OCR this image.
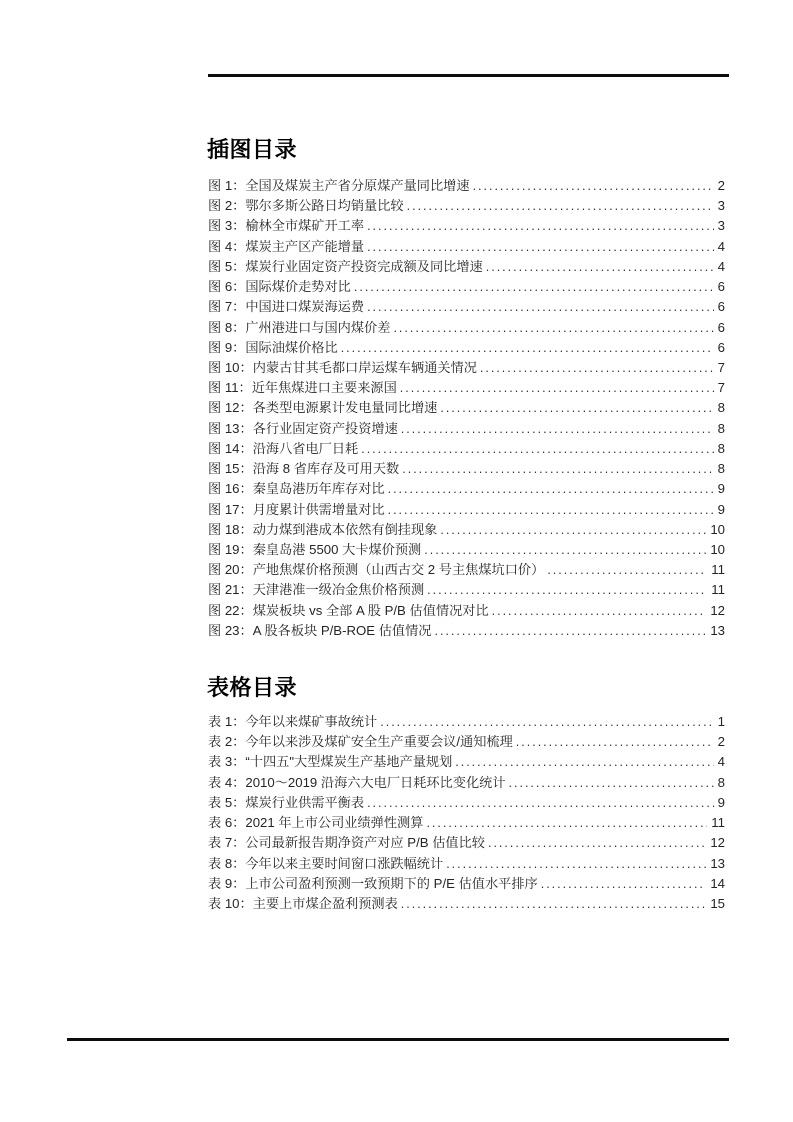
插图目录
图 1：全国及煤炭主产省分原煤产量同比增速 .....	2
图 2：鄂尔多斯公路日均销量比较 .....	3
图 3：榆林全市煤矿开工率 .....	3
图 4：煤炭主产区产能增量 .....	4
图 5：煤炭行业固定资产投资完成额及同比增速 .....	4
图 6：国际煤价走势对比 .....	6
图 7：中国进口煤炭海运费 .....	6
图 8：广州港进口与国内煤价差 .....	6
图 9：国际油煤价格比 .....	6
图 10：内蒙古甘其毛都口岸运煤车辆通关情况 .....	7
图 11：近年焦煤进口主要来源国 .....	7
图 12：各类型电源累计发电量同比增速 .....	8
图 13：各行业固定资产投资增速 .....	8
图 14：沿海八省电厂日耗 .....	8
图 15：沿海 8 省库存及可用天数 .....	8
图 16：秦皇岛港历年库存对比 .....	9
图 17：月度累计供需增量对比 .....	9
图 18：动力煤到港成本依然有倒挂现象 .....	10
图 19：秦皇岛港 5500 大卡煤价预测 .....	10
图 20：产地焦煤价格预测（山西古交 2 号主焦煤坑口价） .....	11
图 21：天津港准一级冶金焦价格预测 .....	11
图 22：煤炭板块 vs 全部 A 股 P/B 估值情况对比 .....	12
图 23：A 股各板块 P/B-ROE 估值情况 .....	13
表格目录
表 1：今年以来煤矿事故统计 .....	1
表 2：今年以来涉及煤矿安全生产重要会议/通知梳理 .....	2
表 3：“十四五"大型煤炭生产基地产量规划 .....	4
表 4：2010～2019 沿海六大电厂日耗环比变化统计 .....	8
表 5：煤炭行业供需平衡表 .....	9
表 6：2021 年上市公司业绩弹性测算 .....	11
表 7：公司最新报告期净资产对应 P/B 估值比较 .....	12
表 8：今年以来主要时间窗口涨跌幅统计 .....	13
表 9：上市公司盈利预测一致预期下的 P/E 估值水平排序 .....	14
表 10：主要上市煤企盈利预测表 .....	15
